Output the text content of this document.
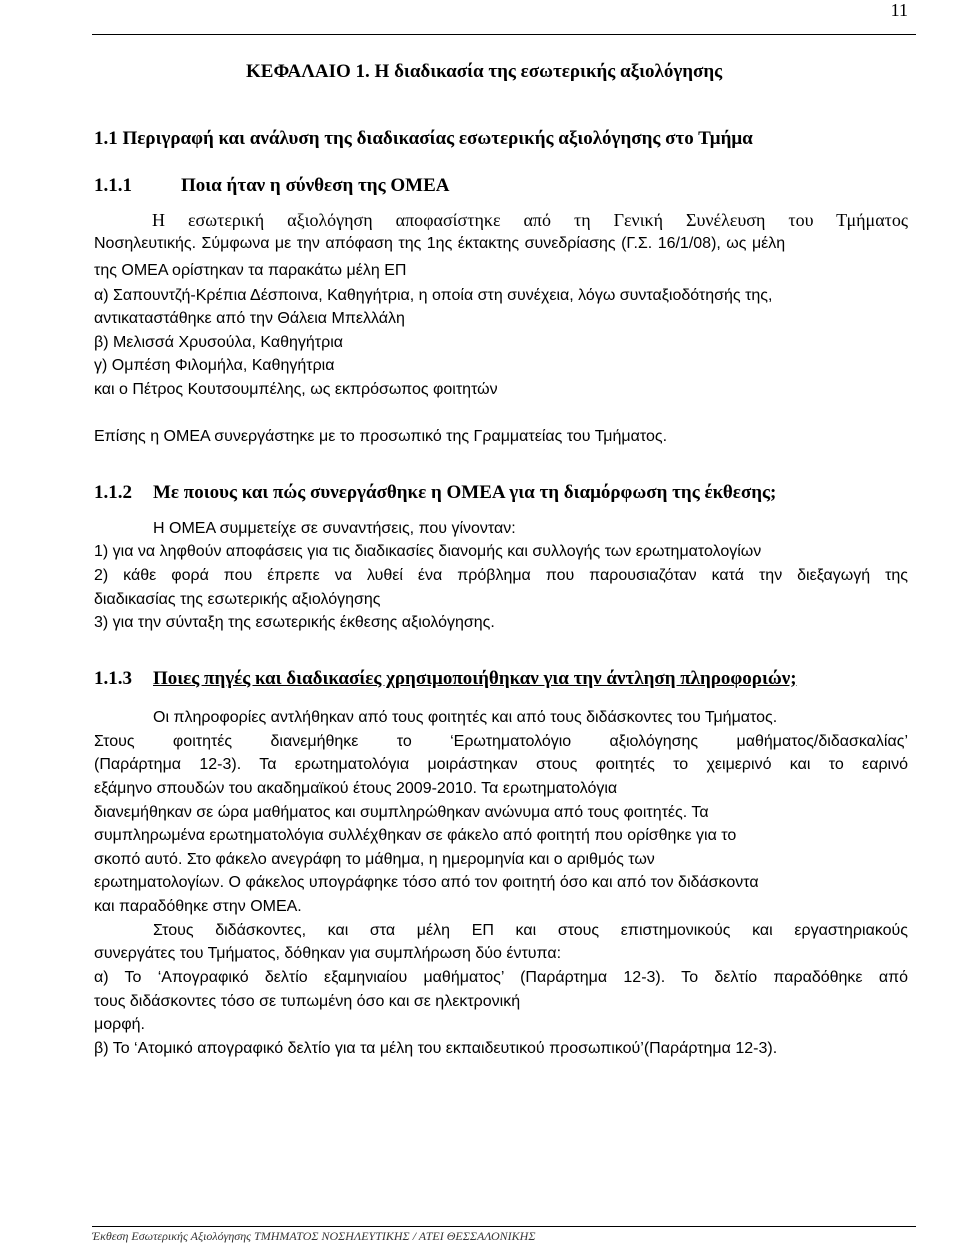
11

ΚΕΦΑΛΑΙΟ 1. Η διαδικασία της εσωτερικής αξιολόγησης

1.1 Περιγραφή και ανάλυση της διαδικασίας εσωτερικής αξιολόγησης στο Τμήμα

1.1.1	Ποια ήταν η σύνθεση της ΟΜΕΑ

Η εσωτερική αξιολόγηση αποφασίστηκε από τη Γενική Συνέλευση του Τμήματος

Νοσηλευτικής. Σύμφωνα με την απόφαση της 1ης έκτακτης συνεδρίασης (Γ.Σ. 16/1/08), ως μέλη

της ΟΜΕΑ ορίστηκαν τα παρακάτω μέλη ΕΠ

α) Σαπουντζή-Κρέπια Δέσποινα, Καθηγήτρια, η οποία στη συνέχεια, λόγω συνταξιοδότησής της,

αντικαταστάθηκε από την Θάλεια Μπελλάλη

β) Μελισσά Χρυσούλα, Καθηγήτρια

γ) Ομπέση Φιλομήλα, Καθηγήτρια

και ο Πέτρος Κουτσουμπέλης, ως εκπρόσωπος φοιτητών

Επίσης η ΟΜΕΑ συνεργάστηκε με το προσωπικό της Γραμματείας του Τμήματος.

1.1.2 Με ποιους και πώς συνεργάσθηκε η ΟΜΕΑ για τη διαμόρφωση της έκθεσης;

Η ΟΜΕΑ συμμετείχε σε συναντήσεις, που γίνονταν:

1) για να ληφθούν αποφάσεις για τις διαδικασίες διανομής και συλλογής των ερωτηματολογίων

2) κάθε φορά που έπρεπε να λυθεί ένα πρόβλημα που παρουσιαζόταν κατά την διεξαγωγή της

διαδικασίας της εσωτερικής αξιολόγησης

3) για την σύνταξη της εσωτερικής έκθεσης αξιολόγησης.

1.1.3 Ποιες πηγές και διαδικασίες χρησιμοποιήθηκαν για την άντληση πληροφοριών;

Οι πληροφορίες αντλήθηκαν από τους φοιτητές και από τους διδάσκοντες του Τμήματος.

Στους φοιτητές διανεμήθηκε το ‘Ερωτηματολόγιο αξιολόγησης μαθήματος/διδασκαλίας’

(Παράρτημα 12-3). Τα ερωτηματολόγια μοιράστηκαν στους φοιτητές το χειμερινό και το εαρινό

εξάμηνο σπουδών του ακαδημαϊκού έτους 2009-2010. Τα ερωτηματολόγια

διανεμήθηκαν σε ώρα μαθήματος και συμπληρώθηκαν ανώνυμα από τους φοιτητές. Τα

συμπληρωμένα ερωτηματολόγια συλλέχθηκαν σε φάκελο από φοιτητή που ορίσθηκε για το

σκοπό αυτό. Στο φάκελο ανεγράφη το μάθημα, η ημερομηνία και ο αριθμός των

ερωτηματολογίων. Ο φάκελος υπογράφηκε τόσο από τον φοιτητή όσο και από τον διδάσκοντα

και παραδόθηκε στην ΟΜΕΑ.

Στους διδάσκοντες, και στα μέλη ΕΠ και στους επιστημονικούς και εργαστηριακούς

συνεργάτες του Τμήματος, δόθηκαν για συμπλήρωση δύο έντυπα:

α) Το ‘Απογραφικό δελτίο εξαμηνιαίου μαθήματος’ (Παράρτημα 12-3). Το δελτίο παραδόθηκε από

τους διδάσκοντες τόσο σε τυπωμένη όσο και σε ηλεκτρονική

μορφή.

β) Το ‘Ατομικό απογραφικό δελτίο για τα μέλη του εκπαιδευτικού προσωπικού’(Παράρτημα 12-3).

Έκθεση Εσωτερικής Αξιολόγησης ΤΜΗΜΑΤΟΣ ΝΟΣΗΛΕΥΤΙΚΗΣ / ΑΤΕΙ ΘΕΣΣΑΛΟΝΙΚΗΣ
